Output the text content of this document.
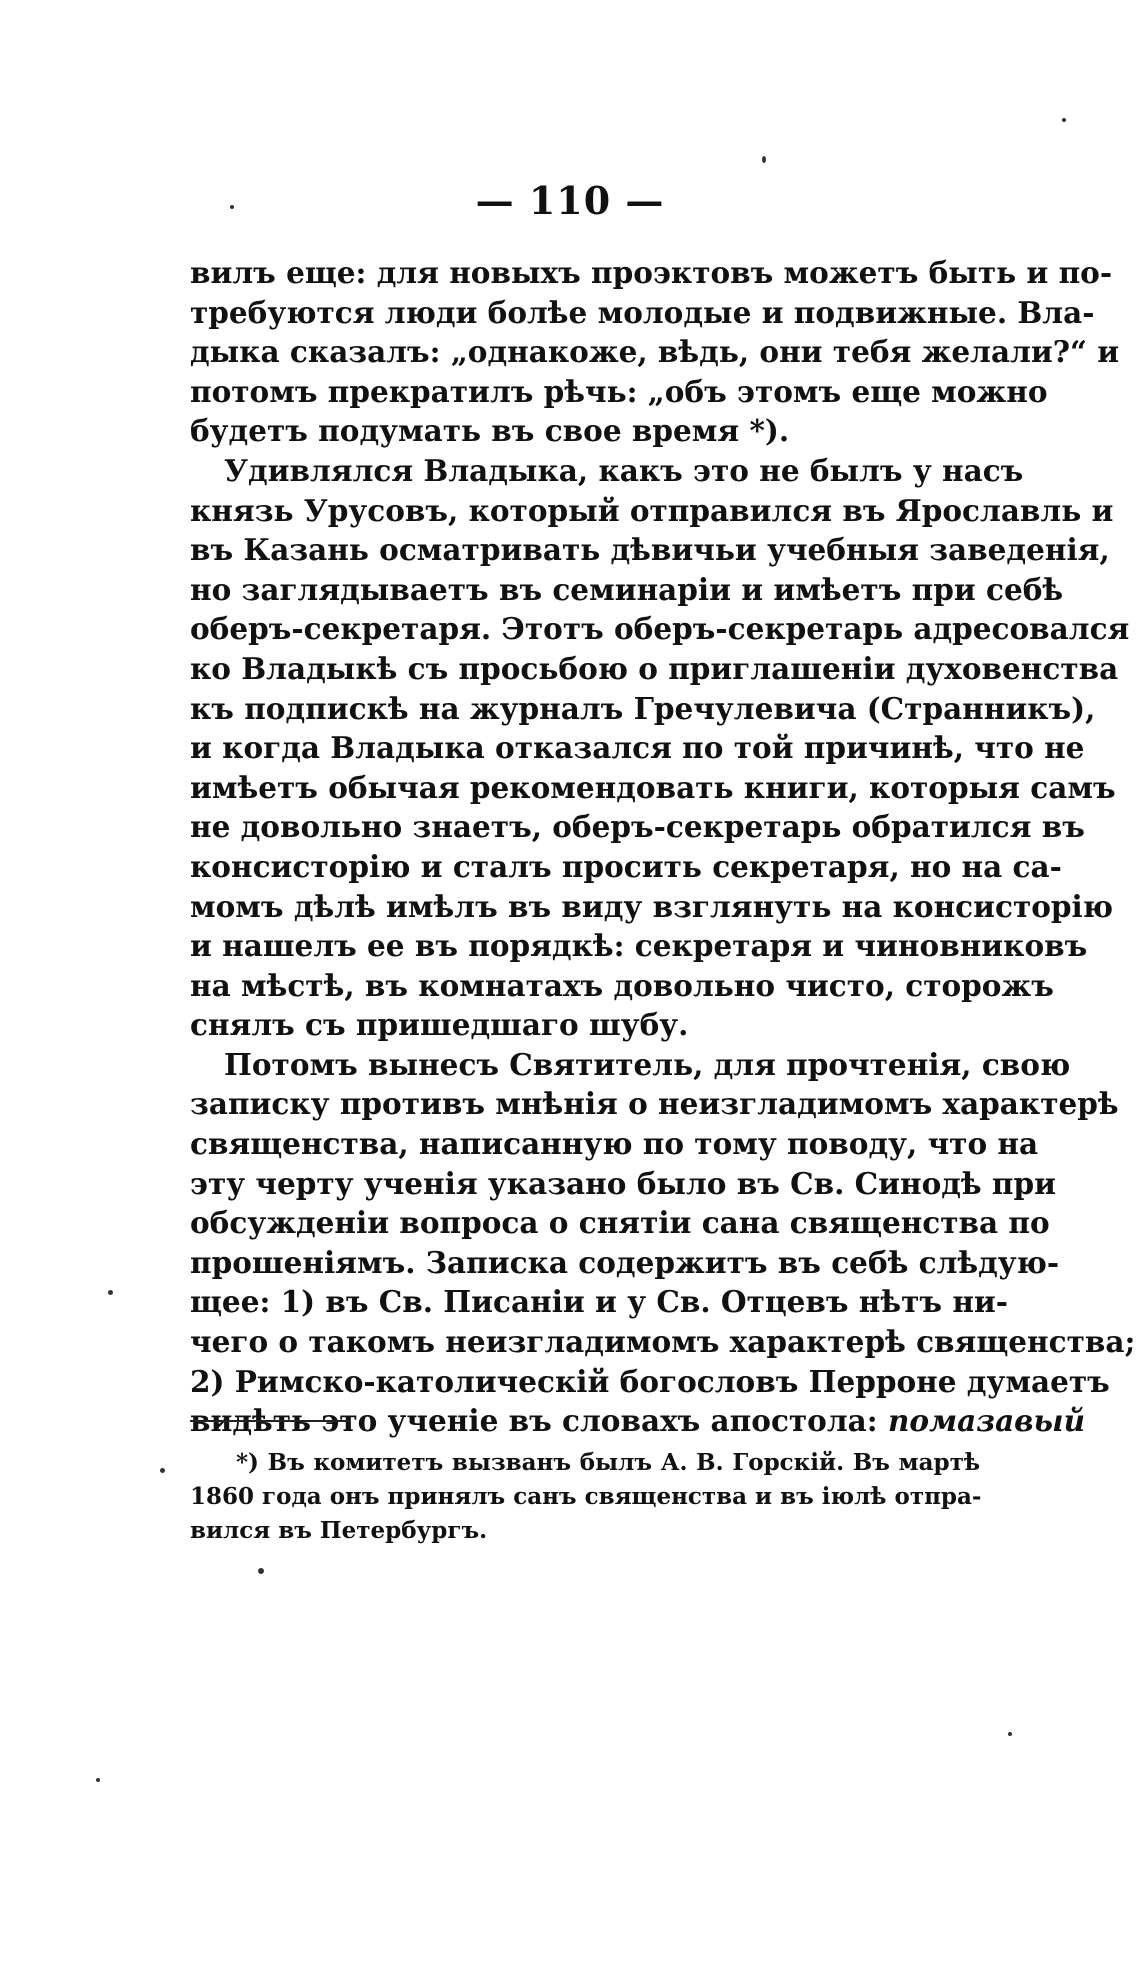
— 110 —
вилъ еще: для новыхъ проэктовъ можетъ быть и по-
требуются люди болѣе молодые и подвижные. Вла-
дыка сказалъ: „однакоже, вѣдь, они тебя желали?“ и
потомъ прекратилъ рѣчь: „объ этомъ еще можно
будетъ подумать въ свое время *).
Удивлялся Владыка, какъ это не былъ у насъ
князь Урусовъ, который отправился въ Ярославль и
въ Казань осматривать дѣвичьи учебныя заведенія,
но заглядываетъ въ семинаріи и имѣетъ при себѣ
оберъ-секретаря. Этотъ оберъ-секретарь адресовался
ко Владыкѣ съ просьбою о приглашеніи духовенства
къ подпискѣ на журналъ Гречулевича (Странникъ),
и когда Владыка отказался по той причинѣ, что не
имѣетъ обычая рекомендовать книги, которыя самъ
не довольно знаетъ, оберъ-секретарь обратился въ
консисторію и сталъ просить секретаря, но на са-
момъ дѣлѣ имѣлъ въ виду взглянуть на консисторію
и нашелъ ее въ порядкѣ: секретаря и чиновниковъ
на мѣстѣ, въ комнатахъ довольно чисто, сторожъ
снялъ съ пришедшаго шубу.
Потомъ вынесъ Святитель, для прочтенія, свою
записку противъ мнѣнія о неизгладимомъ характерѣ
священства, написанную по тому поводу, что на
эту черту ученія указано было въ Св. Синодѣ при
обсужденіи вопроса о снятіи сана священства по
прошеніямъ. Записка содержитъ въ себѣ слѣдую-
щее: 1) въ Св. Писаніи и у Св. Отцевъ нѣтъ ни-
чего о такомъ неизгладимомъ характерѣ священства;
2) Римско-католическій богословъ Перроне думаетъ
видѣть это ученіе въ словахъ апостола: помазавый
*) Въ комитетъ вызванъ былъ А. В. Горскій. Въ мартѣ
1860 года онъ принялъ санъ священства и въ іюлѣ отпра-
вился въ Петербургъ.
